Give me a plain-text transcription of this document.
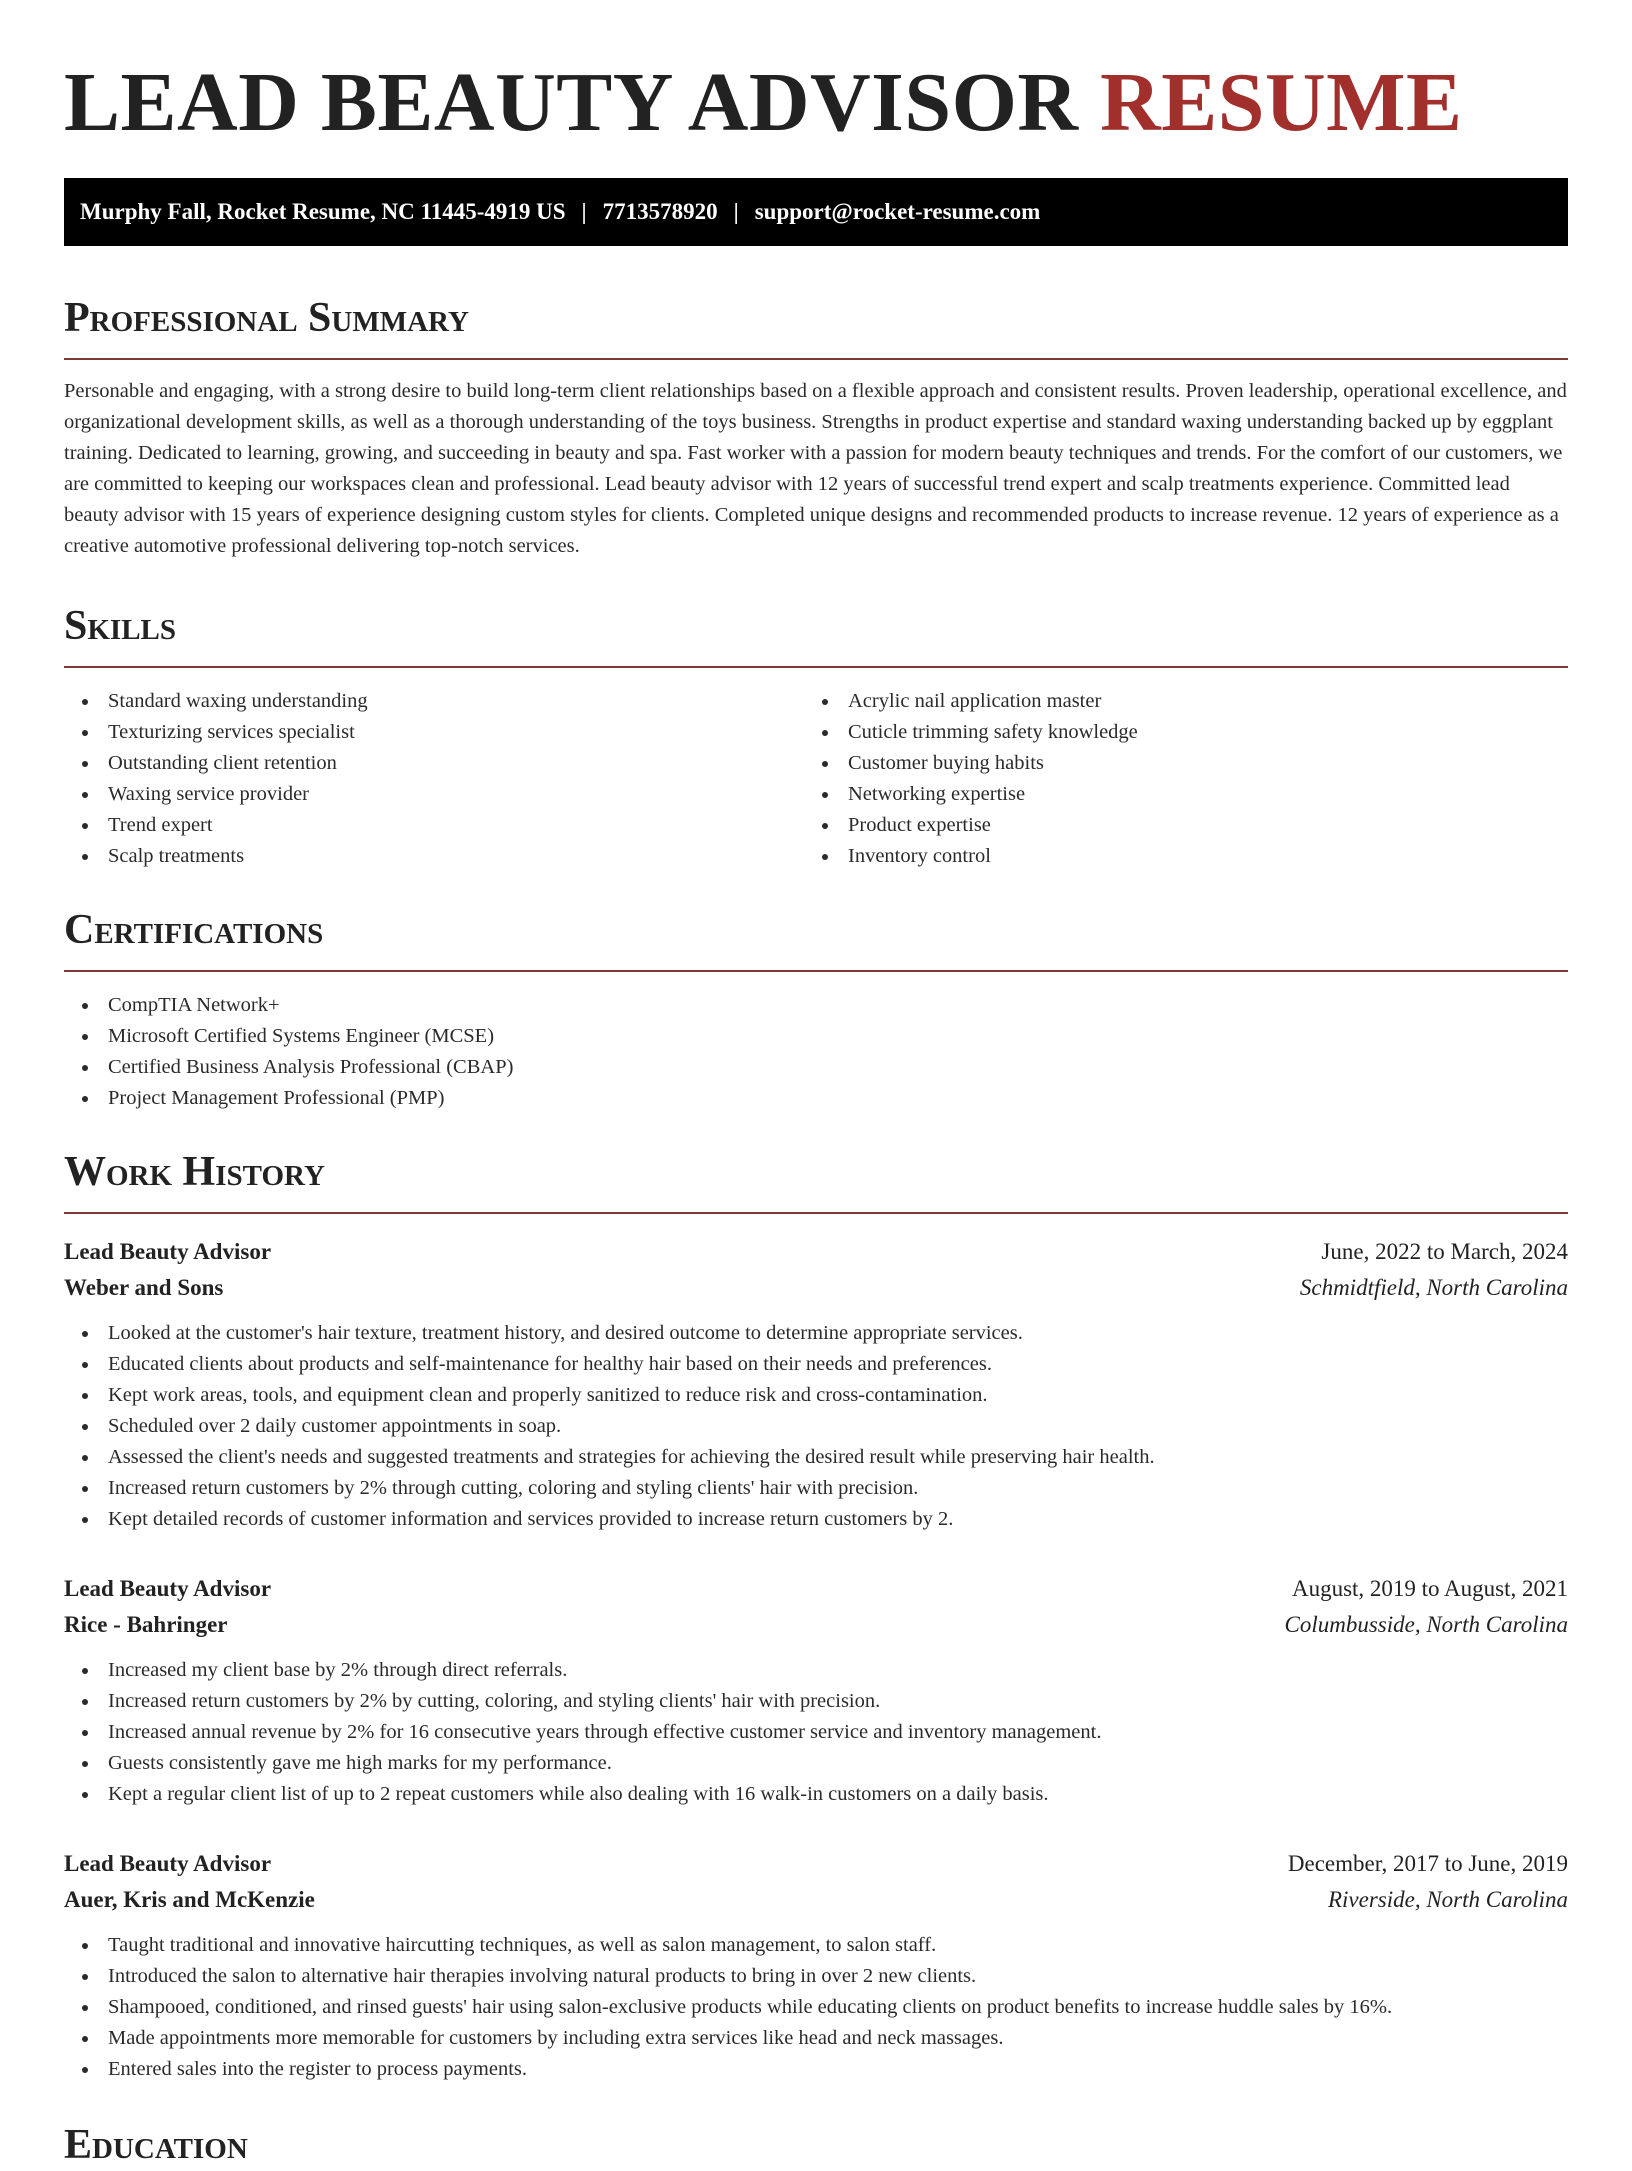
LEAD BEAUTY ADVISOR RESUME
Murphy Fall, Rocket Resume, NC 11445-4919 US | 7713578920 | support@rocket-resume.com
Professional Summary

Personable and engaging, with a strong desire to build long-term client relationships based on a flexible approach and consistent results. Proven leadership, operational excellence, and organizational development skills, as well as a thorough understanding of the toys business. Strengths in product expertise and standard waxing understanding backed up by eggplant training. Dedicated to learning, growing, and succeeding in beauty and spa. Fast worker with a passion for modern beauty techniques and trends. For the comfort of our customers, we are committed to keeping our workspaces clean and professional. Lead beauty advisor with 12 years of successful trend expert and scalp treatments experience. Committed lead beauty advisor with 15 years of experience designing custom styles for clients. Completed unique designs and recommended products to increase revenue. 12 years of experience as a creative automotive professional delivering top-notch services.

Skills
Standard waxing understanding
Texturizing services specialist
Outstanding client retention
Waxing service provider
Trend expert
Scalp treatments
Acrylic nail application master
Cuticle trimming safety knowledge
Customer buying habits
Networking expertise
Product expertise
Inventory control
Certifications
CompTIA Network+
Microsoft Certified Systems Engineer (MCSE)
Certified Business Analysis Professional (CBAP)
Project Management Professional (PMP)
Work History
Lead Beauty Advisor	June, 2022 to March, 2024
Weber and Sons	Schmidtfield, North Carolina
Looked at the customer's hair texture, treatment history, and desired outcome to determine appropriate services.
Educated clients about products and self-maintenance for healthy hair based on their needs and preferences.
Kept work areas, tools, and equipment clean and properly sanitized to reduce risk and cross-contamination.
Scheduled over 2 daily customer appointments in soap.
Assessed the client's needs and suggested treatments and strategies for achieving the desired result while preserving hair health.
Increased return customers by 2% through cutting, coloring and styling clients' hair with precision.
Kept detailed records of customer information and services provided to increase return customers by 2.
Lead Beauty Advisor	August, 2019 to August, 2021
Rice - Bahringer	Columbusside, North Carolina
Increased my client base by 2% through direct referrals.
Increased return customers by 2% by cutting, coloring, and styling clients' hair with precision.
Increased annual revenue by 2% for 16 consecutive years through effective customer service and inventory management.
Guests consistently gave me high marks for my performance.
Kept a regular client list of up to 2 repeat customers while also dealing with 16 walk-in customers on a daily basis.
Lead Beauty Advisor	December, 2017 to June, 2019
Auer, Kris and McKenzie	Riverside, North Carolina
Taught traditional and innovative haircutting techniques, as well as salon management, to salon staff.
Introduced the salon to alternative hair therapies involving natural products to bring in over 2 new clients.
Shampooed, conditioned, and rinsed guests' hair using salon-exclusive products while educating clients on product benefits to increase huddle sales by 16%.
Made appointments more memorable for customers by including extra services like head and neck massages.
Entered sales into the register to process payments.
Education
